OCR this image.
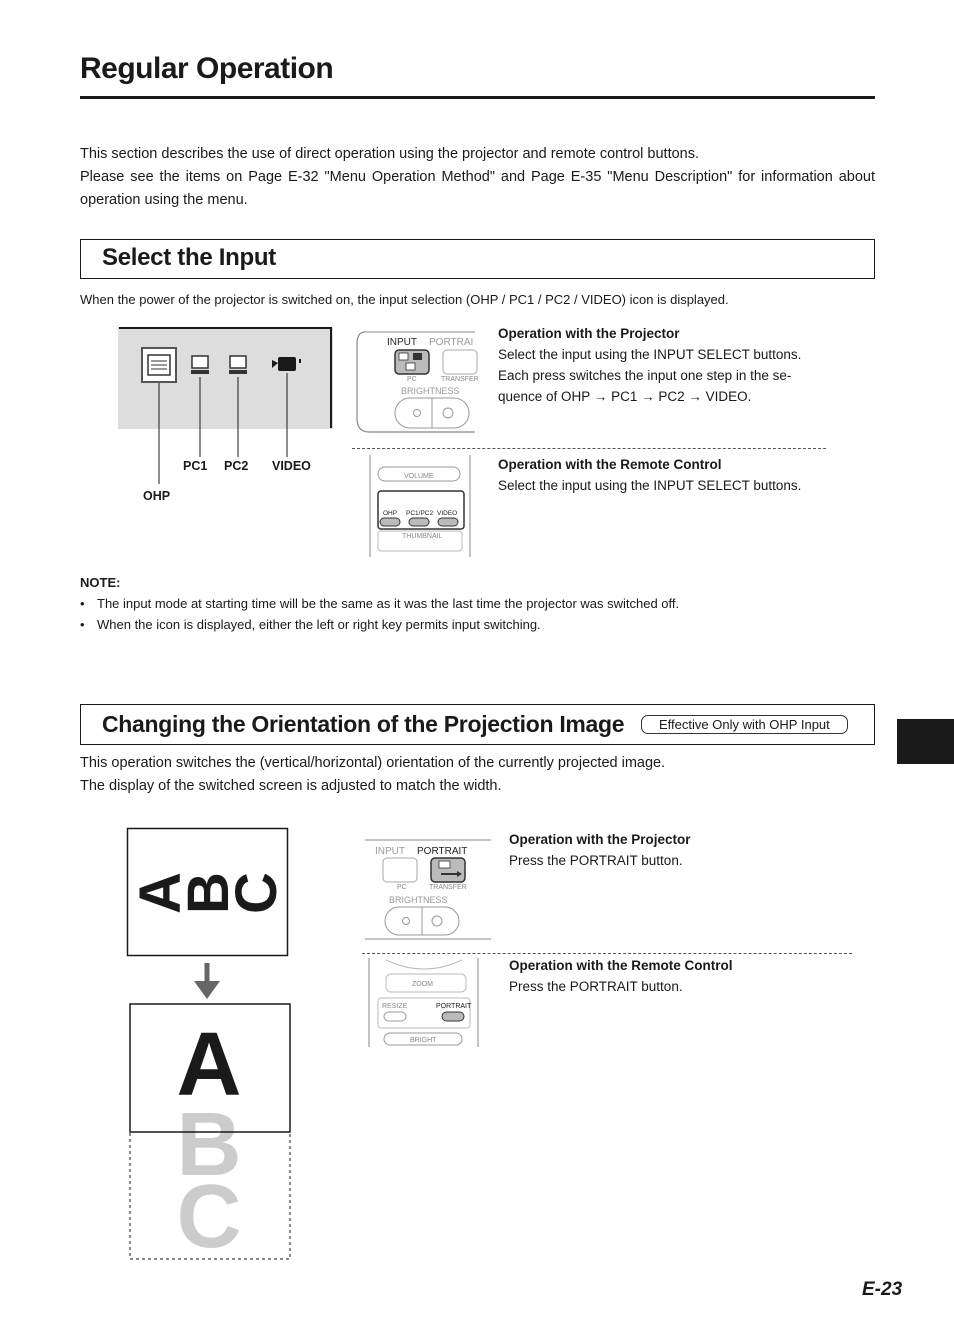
Regular Operation

This section describes the use of direct operation using the projector and remote control buttons.

Please see the items on Page E-32 "Menu Operation Method" and Page E-35 "Menu Description" for information about operation using the menu.

Select the Input
When the power of the projector is switched on, the input selection (OHP / PC1 / PC2 / VIDEO) icon is displayed.
PC1 PC2 VIDEO
OHP
INPUT PORTRAI
PC	TRANSFER
BRIGHTNESS
Operation with the Projector
Select the input using the INPUT SELECT buttons.
Each press switches the input one step in the se-
quence of OHP → PC1 → PC2 → VIDEO.
VOLUME
OHP PC1/PC2 VIDEO
THUMBNAIL
Operation with the Remote Control
Select the input using the INPUT SELECT buttons.
NOTE:
• The input mode at starting time will be the same as it was the last time the projector was switched off.
• When the icon is displayed, either the left or right key permits input switching.
Changing the Orientation of the Projection Image	Effective Only with OHP Input
This operation switches the (vertical/horizontal) orientation of the currently projected image.
The display of the switched screen is adjusted to match the width.
A
B
C
A
B
C
INPUT PORTRAIT
PC	TRANSFER
BRIGHTNESS
Operation with the Projector
Press the PORTRAIT button.
ZOOM
RESIZE	PORTRAIT
BRIGHT
Operation with the Remote Control
Press the PORTRAIT button.
E-23
